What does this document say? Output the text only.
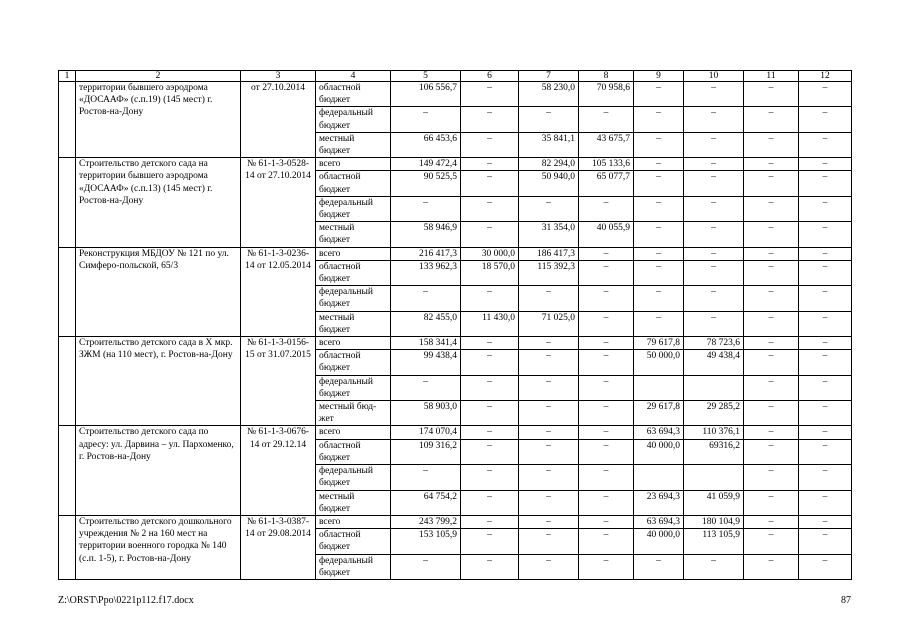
1	2	3	4	5	6	7	8	9	10	11	12
	территории бывшего аэродрома «ДОСААФ» (с.п.19) (145 мест) г. Ростов-на-Дону	от 27.10.2014	областной бюджет	106 556,7	–	58 230,0	70 958,6	–	–	–	–
			федеральный бюджет	–	–	–	–	–	–	–	–
			местный бюджет	66 453,6	–	35 841,1	43 675,7	–	–	–	–
	Строительство детского сада на территории бывшего аэродрома «ДОСААФ» (с.п.13) (145 мест) г. Ростов-на-Дону	№ 61-1-3-0528-14 от 27.10.2014	всего	149 472,4	–	82 294,0	105 133,6	–	–	–	–
			областной бюджет	90 525,5	–	50 940,0	65 077,7	–	–	–	–
			федеральный бюджет	–	–	–	–	–	–	–	–
			местный бюджет	58 946,9	–	31 354,0	40 055,9	–	–	–	–
	Реконструкция МБДОУ № 121 по ул. Симферо-польской, 65/3	№ 61-1-3-0236-14 от 12.05.2014	всего	216 417,3	30 000,0	186 417,3	–	–	–	–	–
			областной бюджет	133 962,3	18 570,0	115 392,3	–	–	–	–	–
			федеральный бюджет	–	–	–	–	–	–	–	–
			местный бюджет	82 455,0	11 430,0	71 025,0	–	–	–	–	–
	Строительство детского сада в X мкр. ЗЖМ (на 110 мест), г. Ростов-на-Дону	№ 61-1-3-0156-15 от 31.07.2015	всего	158 341,4	–	–	–	79 617,8	78 723,6	–	–
			областной бюджет	99 438,4	–	–	–	50 000,0	49 438,4	–	–
			федеральный бюджет	–	–	–	–			–	–
			местный бюд-жет	58 903,0	–	–	–	29 617,8	29 285,2	–	–
	Строительство детского сада по адресу: ул. Дарвина – ул. Пархоменко, г. Ростов-на-Дону	№ 61-1-3-0676-14 от 29.12.14	всего	174 070,4	–	–	–	63 694,3	110 376,1	–	–
			областной бюджет	109 316,2	–	–	–	40 000,0	69316,2	–	–
			федеральный бюджет	–	–	–	–			–	–
			местный бюджет	64 754,2	–	–	–	23 694,3	41 059,9	–	–
	Строительство детского дошкольного учреждения № 2 на 160 мест на территории военного городка № 140 (с.п. 1-5), г. Ростов-на-Дону	№ 61-1-3-0387-14 от 29.08.2014	всего	243 799,2	–	–	–	63 694,3	180 104,9	–	–
			областной бюджет	153 105,9	–	–	–	40 000,0	113 105,9	–	–
			федеральный бюджет	–	–	–	–	–	–	–	–
Z:\ORST\Ppo\0221p112.f17.docx	87
